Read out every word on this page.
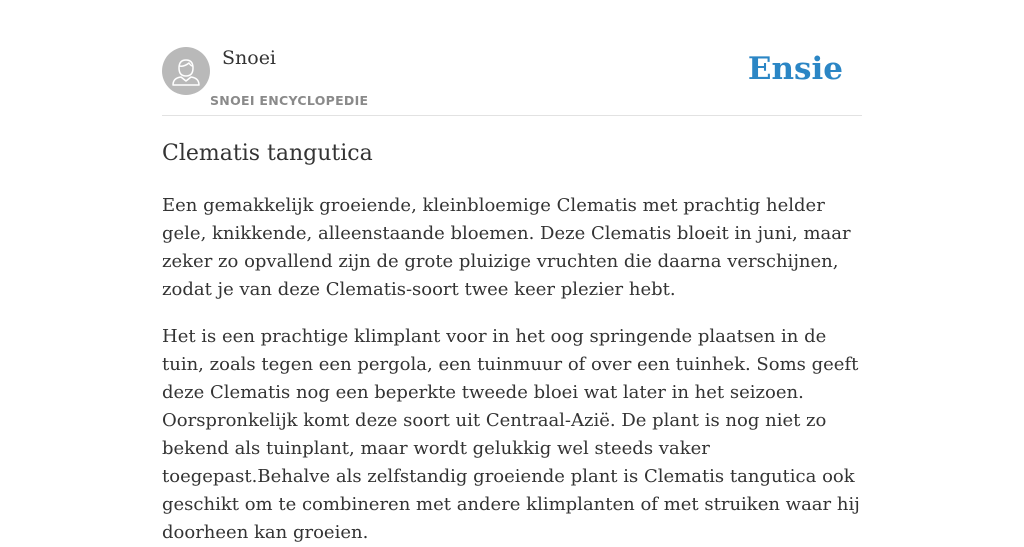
Snoei
SNOEI ENCYCLOPEDIE
Ensie
Clematis tangutica

Een gemakkelijk groeiende, kleinbloemige Clematis met prachtig helder gele, knikkende, alleenstaande bloemen. Deze Clematis bloeit in juni, maar zeker zo opvallend zijn de grote pluizige vruchten die daarna verschijnen, zodat je van deze Clematis-soort twee keer plezier hebt.

Het is een prachtige klimplant voor in het oog springende plaatsen in de tuin, zoals tegen een pergola, een tuinmuur of over een tuinhek. Soms geeft deze Clematis nog een beperkte tweede bloei wat later in het seizoen. Oorspronkelijk komt deze soort uit Centraal-Azië. De plant is nog niet zo bekend als tuinplant, maar wordt gelukkig wel steeds vaker toegepast.Behalve als zelfstandig groeiende plant is Clematis tangutica ook geschikt om te combineren met andere klimplanten of met struiken waar hij doorheen kan groeien.
